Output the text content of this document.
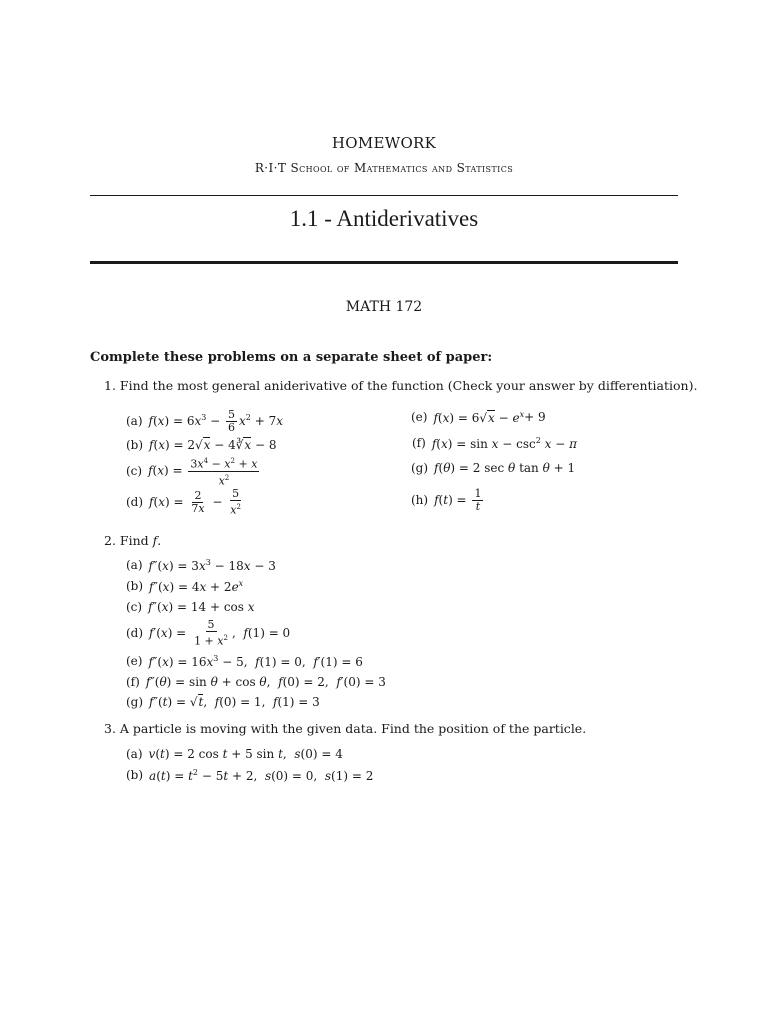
HOMEWORK
R·I·T School of Mathematics and Statistics
1.1 - Antiderivatives
MATH 172
Complete these problems on a separate sheet of paper:
1. Find the most general aniderivative of the function (Check your answer by differentiation).
(a) $f(x) = 6x^3 - \frac{5}{6} x^2 + 7x$
(b) f(x) = 2√x − 4∛x − 8
(c) $f(x) = \frac{3x^4 - x^2 + x}{x^2}$
(d) $f(x) = \frac{2}{7x} - \frac{5}{x^2}$
(e) $f(x) = 6√x - e^x + 9$
(f) $f(x) = \sin x - \csc^2 x - \pi$
(g) f(θ) = 2 sec θ tan θ + 1
(h) $f(t) = \frac{1}{t}$
2. Find f.
(a) $f''(x) = 3x^3 - 18x - 3$
(b) $f''(x) = 4x + 2e^x$
(c) f″(x) = 14 + cos x
(d) $f'(x) = \frac{5}{1 + x^2}$ ,  f(1) = 0
(e) $f''(x) = 16x^3 - 5$,  f(1) = 0,  f′(1) = 6
(f) f″(θ) = sin θ + cos θ,  f(0) = 2,  f′(0) = 3
(g) f″(t) = √t,  f(0) = 1,  f(1) = 3
3. A particle is moving with the given data. Find the position of the particle.
(a) v(t) = 2 cos t + 5 sin t,  s(0) = 4
(b) $a(t) = t^2 - 5t + 2$,  s(0) = 0,  s(1) = 2
